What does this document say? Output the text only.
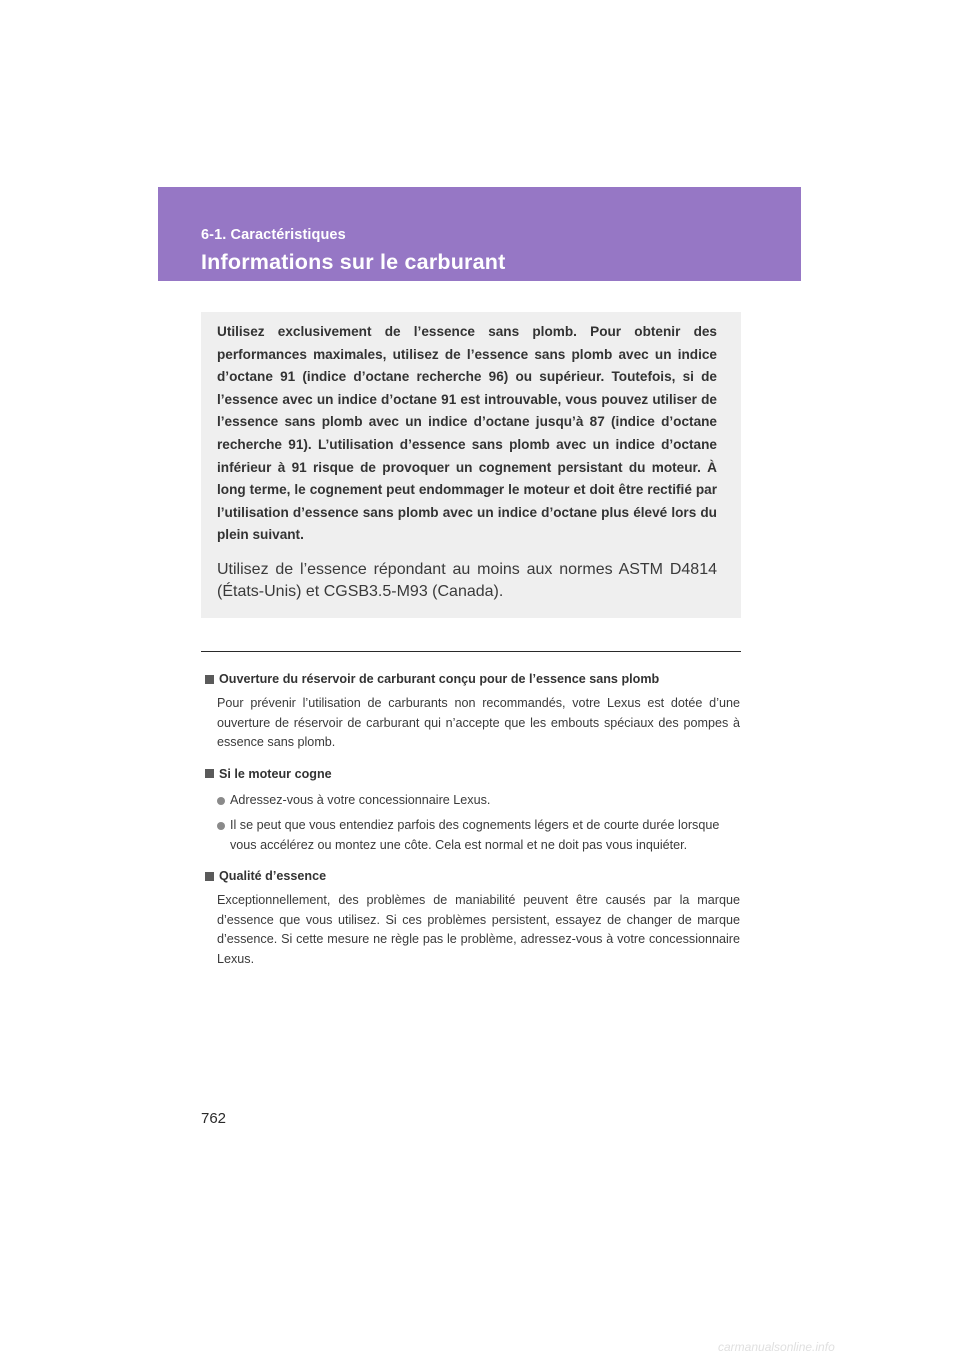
6-1. Caractéristiques
Informations sur le carburant

Utilisez exclusivement de l’essence sans plomb. Pour obtenir des performances maximales, utilisez de l’essence sans plomb avec un indice d’octane 91 (indice d’octane recherche 96) ou supérieur. Toutefois, si de l’essence avec un indice d’octane 91 est introuvable, vous pouvez utiliser de l’essence sans plomb avec un indice d’octane jusqu’à 87 (indice d’octane recherche 91). L’utilisation d’essence sans plomb avec un indice d’octane inférieur à 91 risque de provoquer un cognement persistant du moteur. À long terme, le cognement peut endommager le moteur et doit être rectifié par l’utilisation d’essence sans plomb avec un indice d’octane plus élevé lors du plein suivant.

Utilisez de l’essence répondant au moins aux normes ASTM D4814 (États-Unis) et CGSB3.5-M93 (Canada).

Ouverture du réservoir de carburant conçu pour de l’essence sans plomb

Pour prévenir l’utilisation de carburants non recommandés, votre Lexus est dotée d’une ouverture de réservoir de carburant qui n’accepte que les embouts spéciaux des pompes à essence sans plomb.

Si le moteur cogne

Adressez-vous à votre concessionnaire Lexus.
Il se peut que vous entendiez parfois des cognements légers et de courte durée lorsque vous accélérez ou montez une côte. Cela est normal et ne doit pas vous inquiéter.

Qualité d’essence

Exceptionnellement, des problèmes de maniabilité peuvent être causés par la marque d’essence que vous utilisez. Si ces problèmes persistent, essayez de changer de marque d’essence. Si cette mesure ne règle pas le problème, adressez-vous à votre concessionnaire Lexus.

762
carmanualsonline.info
